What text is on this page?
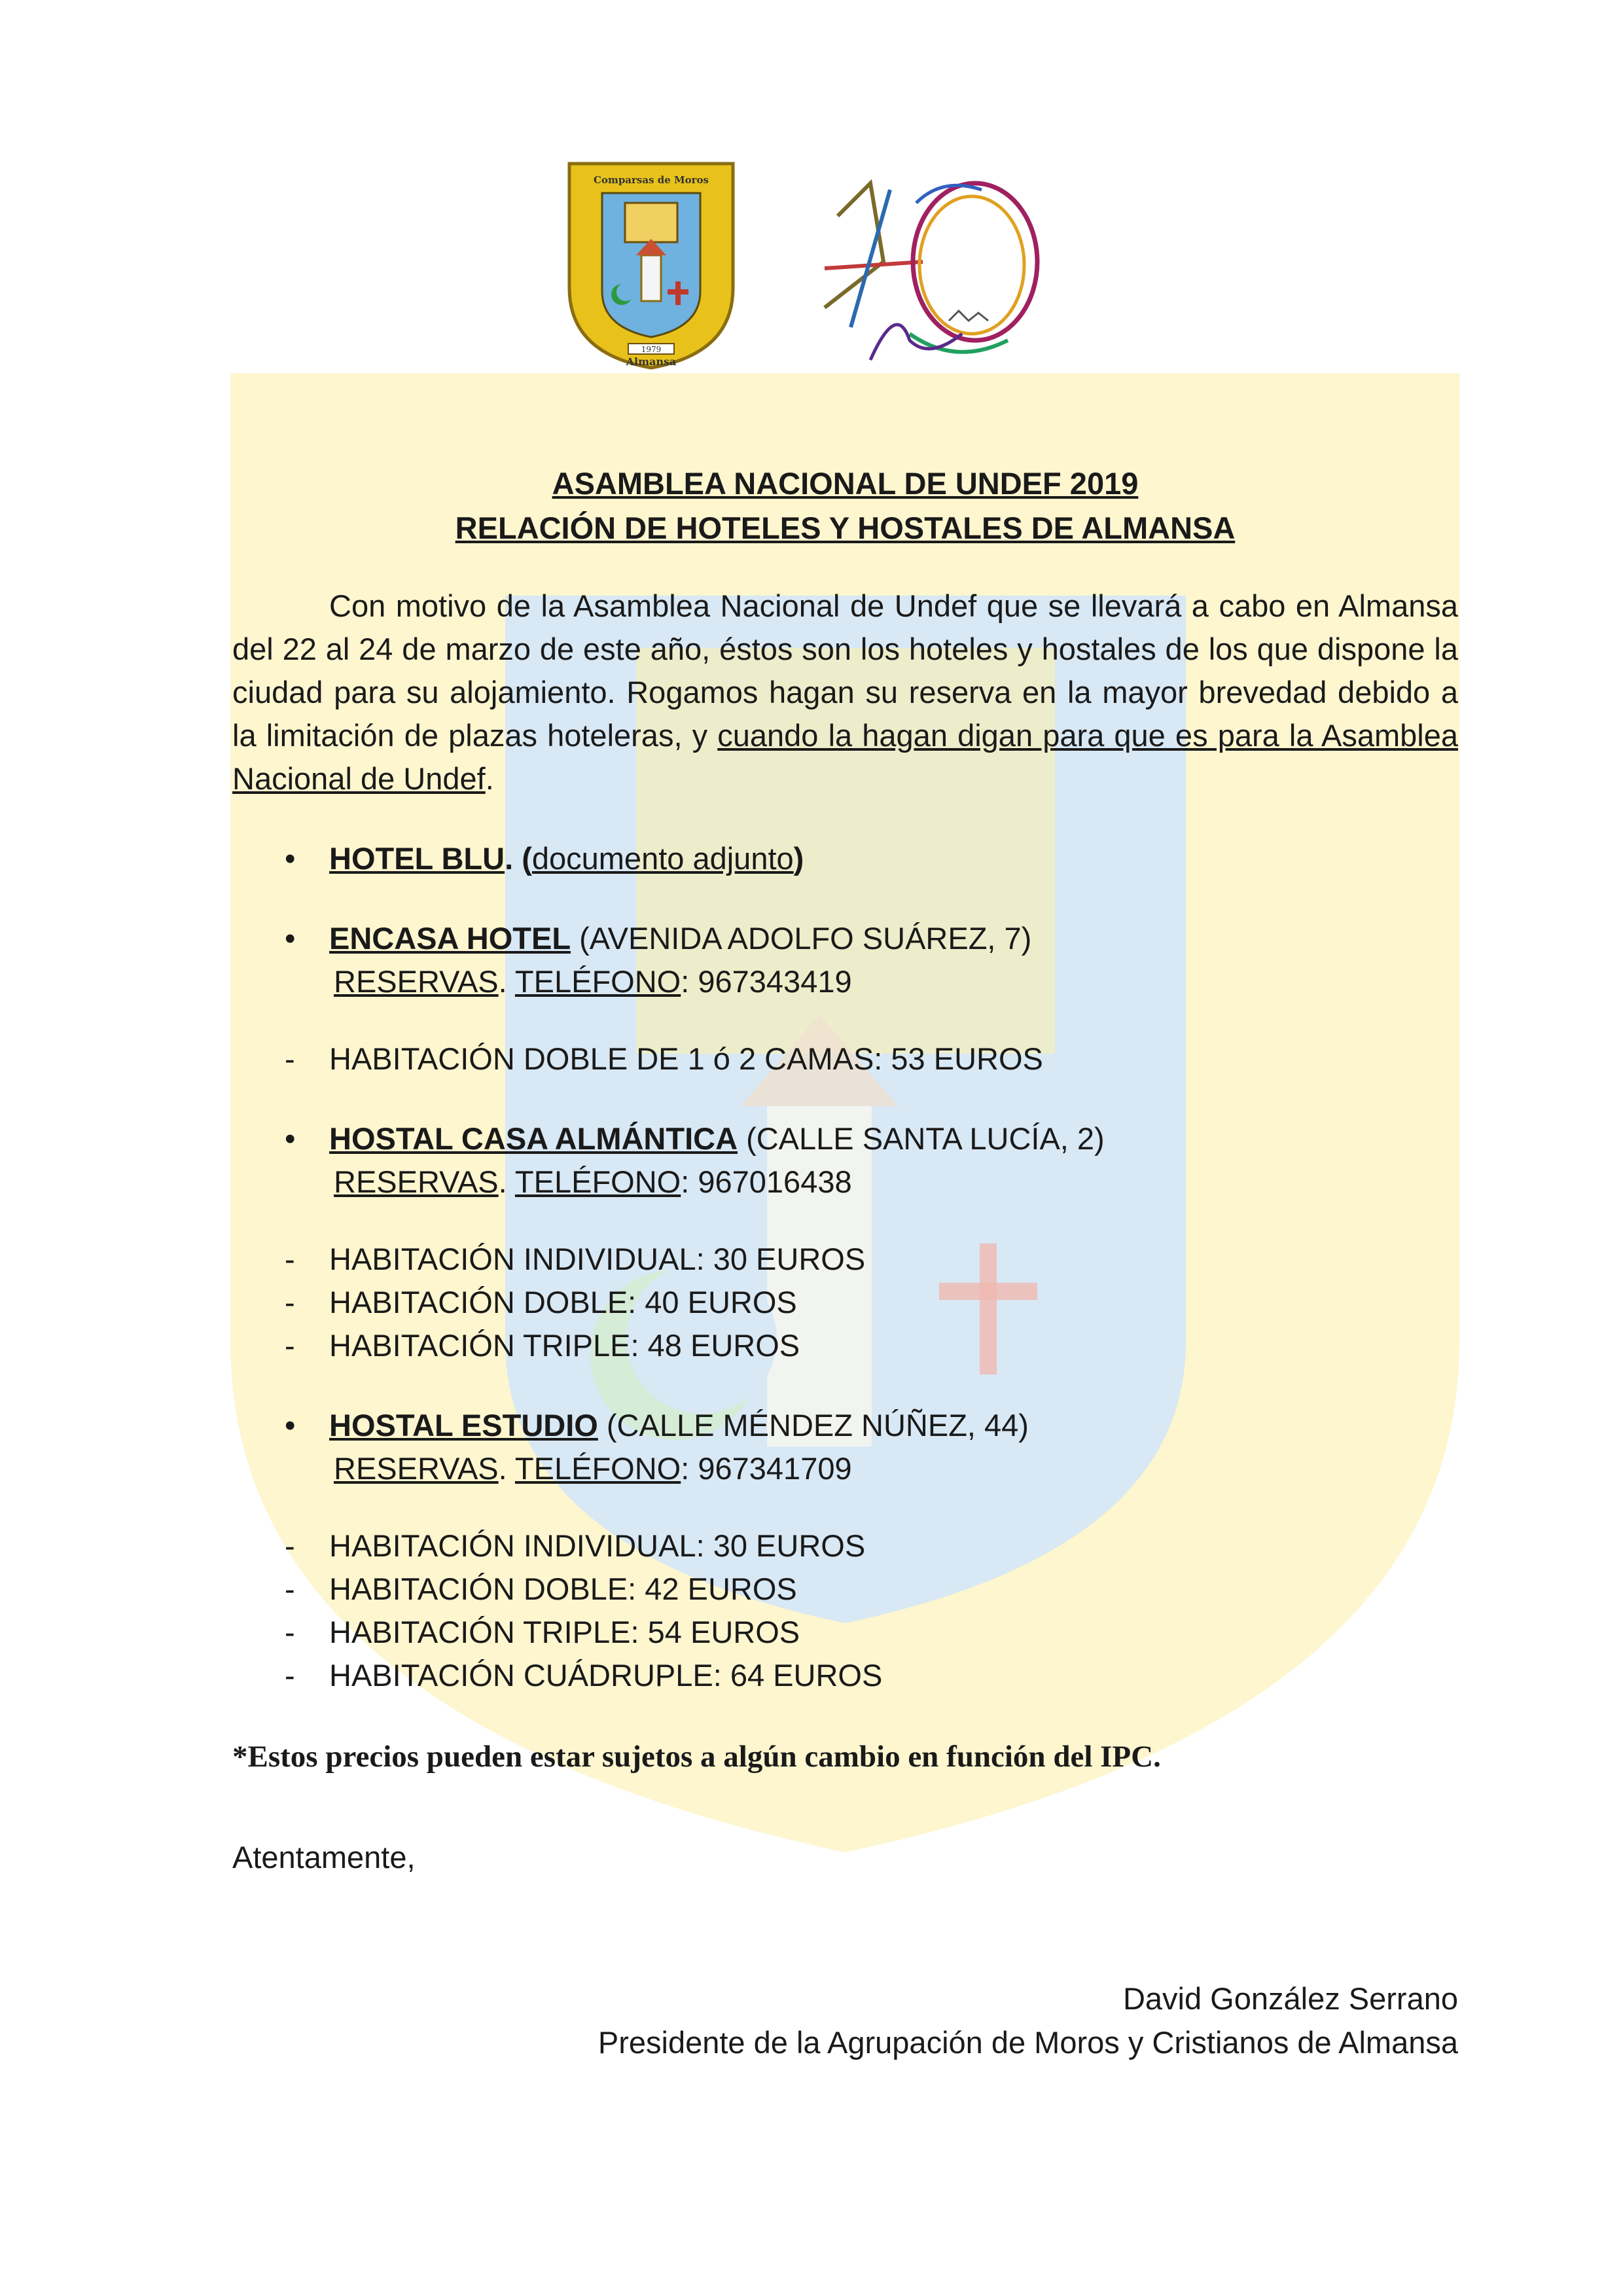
1979
Almansa
Comparsas de Moros
ASAMBLEA NACIONAL DE UNDEF 2019
RELACIÓN DE HOTELES Y HOSTALES DE ALMANSA
Con motivo de la Asamblea Nacional de Undef que se llevará a cabo en Almansa del 22 al 24 de marzo de este año, éstos son los hoteles y hostales de los que dispone la ciudad para su alojamiento. Rogamos hagan su reserva en la mayor brevedad debido a la limitación de plazas hoteleras, y cuando la hagan digan para que es para la Asamblea Nacional de Undef.
• HOTEL BLU. (documento adjunto)
• ENCASA HOTEL (AVENIDA ADOLFO SUÁREZ, 7)
RESERVAS. TELÉFONO: 967343419
- HABITACIÓN DOBLE DE 1 ó 2 CAMAS: 53 EUROS
• HOSTAL CASA ALMÁNTICA (CALLE SANTA LUCÍA, 2)
RESERVAS. TELÉFONO: 967016438
- HABITACIÓN INDIVIDUAL: 30 EUROS
- HABITACIÓN DOBLE: 40 EUROS
- HABITACIÓN TRIPLE: 48 EUROS
• HOSTAL ESTUDIO (CALLE MÉNDEZ NÚÑEZ, 44)
RESERVAS. TELÉFONO: 967341709
- HABITACIÓN INDIVIDUAL: 30 EUROS
- HABITACIÓN DOBLE: 42 EUROS
- HABITACIÓN TRIPLE: 54 EUROS
- HABITACIÓN CUÁDRUPLE: 64 EUROS
*Estos precios pueden estar sujetos a algún cambio en función del IPC.
Atentamente,
David González Serrano
Presidente de la Agrupación de Moros y Cristianos de Almansa
